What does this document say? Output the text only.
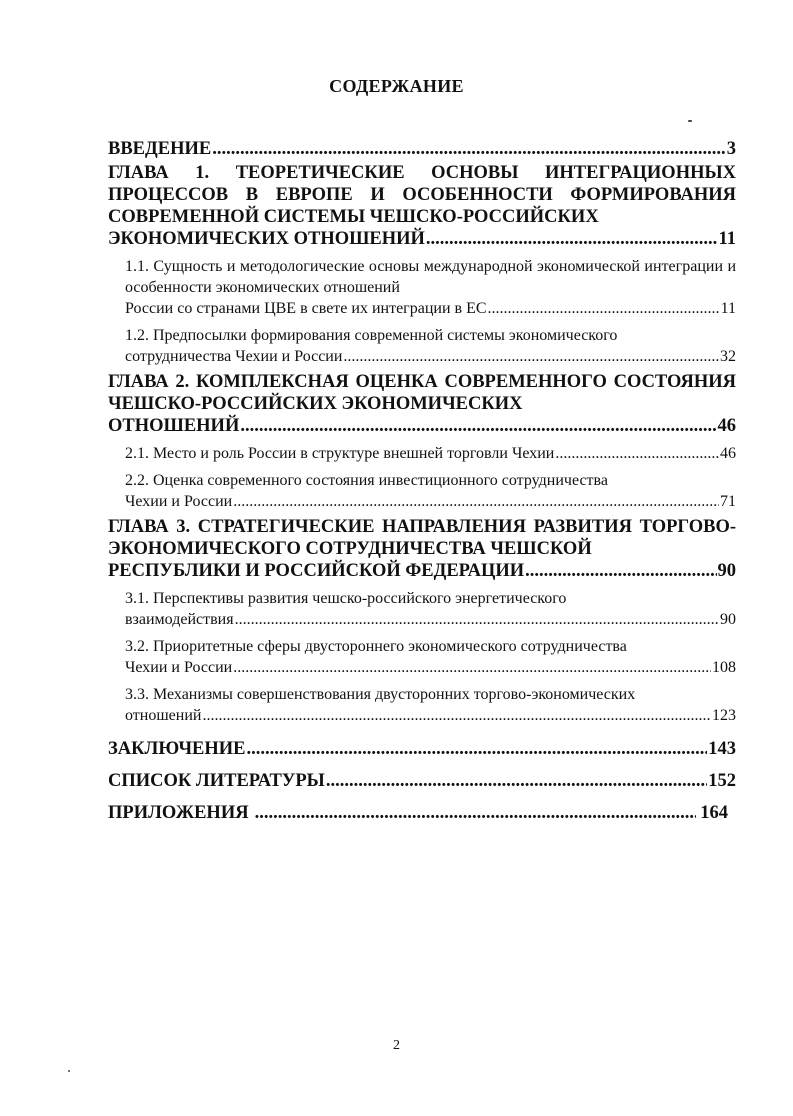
СОДЕРЖАНИЕ
ВВЕДЕНИЕ .....	3
ГЛАВА 1. ТЕОРЕТИЧЕСКИЕ ОСНОВЫ ИНТЕГРАЦИОННЫХ ПРОЦЕССОВ В ЕВРОПЕ И ОСОБЕННОСТИ ФОРМИРОВАНИЯ СОВРЕМЕННОЙ СИСТЕМЫ ЧЕШСКО-РОССИЙСКИХ
ЭКОНОМИЧЕСКИХ ОТНОШЕНИЙ .....	11
1.1. Сущность и методологические основы международной экономической интеграции и особенности экономических отношений
России со странами ЦВЕ в свете их интеграции в ЕС .....	11
1.2. Предпосылки формирования современной системы экономического
сотрудничества Чехии и России .....	32
ГЛАВА 2. КОМПЛЕКСНАЯ ОЦЕНКА СОВРЕМЕННОГО СОСТОЯНИЯ ЧЕШСКО-РОССИЙСКИХ ЭКОНОМИЧЕСКИХ
ОТНОШЕНИЙ .....	46
2.1. Место и роль России в структуре внешней торговли Чехии .....	46
2.2. Оценка современного состояния инвестиционного сотрудничества
Чехии и России .....	71
ГЛАВА 3. СТРАТЕГИЧЕСКИЕ НАПРАВЛЕНИЯ РАЗВИТИЯ ТОРГОВО-ЭКОНОМИЧЕСКОГО СОТРУДНИЧЕСТВА ЧЕШСКОЙ
РЕСПУБЛИКИ И РОССИЙСКОЙ ФЕДЕРАЦИИ .....	90
3.1. Перспективы развития чешско-российского энергетического
взаимодействия .....	90
3.2. Приоритетные сферы двустороннего экономического сотрудничества
Чехии и России .....	108
3.3. Механизмы совершенствования двусторонних торгово-экономических
отношений .....	123
ЗАКЛЮЧЕНИЕ .....	143
СПИСОК ЛИТЕРАТУРЫ .....	152
ПРИЛОЖЕНИЯ .....	164
2
